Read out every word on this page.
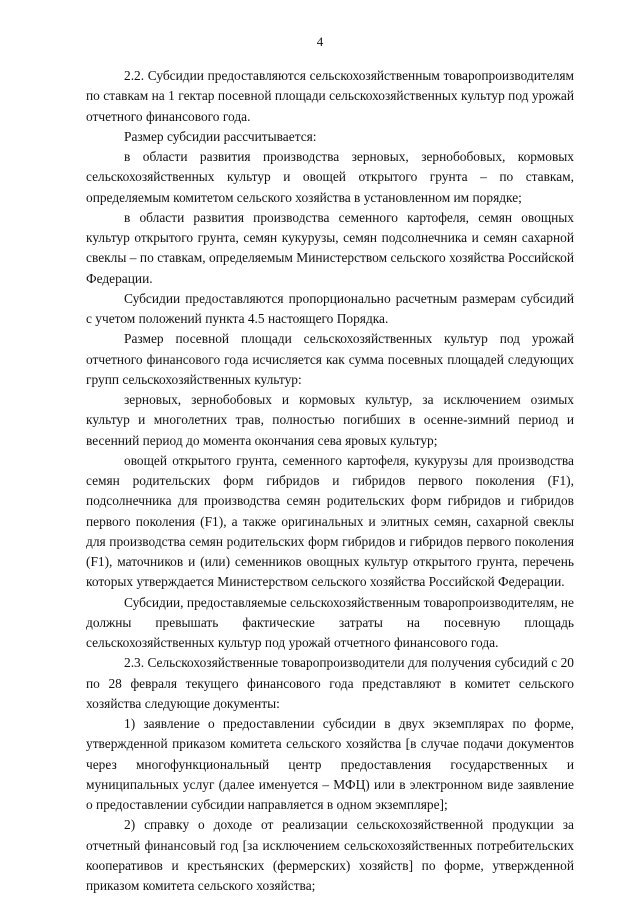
4

2.2. Субсидии предоставляются сельскохозяйственным товаропроизводителям по ставкам на 1 гектар посевной площади сельскохозяйственных культур под урожай отчетного финансового года.

Размер субсидии рассчитывается:

в области развития производства зерновых, зернобобовых, кормовых сельскохозяйственных культур и овощей открытого грунта – по ставкам, определяемым комитетом сельского хозяйства в установленном им порядке;

в области развития производства семенного картофеля, семян овощных культур открытого грунта, семян кукурузы, семян подсолнечника и семян сахарной свеклы – по ставкам, определяемым Министерством сельского хозяйства Российской Федерации.

Субсидии предоставляются пропорционально расчетным размерам субсидий с учетом положений пункта 4.5 настоящего Порядка.

Размер посевной площади сельскохозяйственных культур под урожай отчетного финансового года исчисляется как сумма посевных площадей следующих групп сельскохозяйственных культур:

зерновых, зернобобовых и кормовых культур, за исключением озимых культур и многолетних трав, полностью погибших в осенне-зимний период и весенний период до момента окончания сева яровых культур;

овощей открытого грунта, семенного картофеля, кукурузы для производства семян родительских форм гибридов и гибридов первого поколения (F1), подсолнечника для производства семян родительских форм гибридов и гибридов первого поколения (F1), а также оригинальных и элитных семян, сахарной свеклы для производства семян родительских форм гибридов и гибридов первого поколения (F1), маточников и (или) семенников овощных культур открытого грунта, перечень которых утверждается Министерством сельского хозяйства Российской Федерации.

Субсидии, предоставляемые сельскохозяйственным товаропроизводителям, не должны превышать фактические затраты на посевную площадь сельскохозяйственных культур под урожай отчетного финансового года.

2.3. Сельскохозяйственные товаропроизводители для получения субсидий с 20 по 28 февраля текущего финансового года представляют в комитет сельского хозяйства следующие документы:

1) заявление о предоставлении субсидии в двух экземплярах по форме, утвержденной приказом комитета сельского хозяйства [в случае подачи документов через многофункциональный центр предоставления государственных и муниципальных услуг (далее именуется – МФЦ) или в электронном виде заявление о предоставлении субсидии направляется в одном экземпляре];

2) справку о доходе от реализации сельскохозяйственной продукции за отчетный финансовый год [за исключением сельскохозяйственных потребительских кооперативов и крестьянских (фермерских) хозяйств] по форме, утвержденной приказом комитета сельского хозяйства;
